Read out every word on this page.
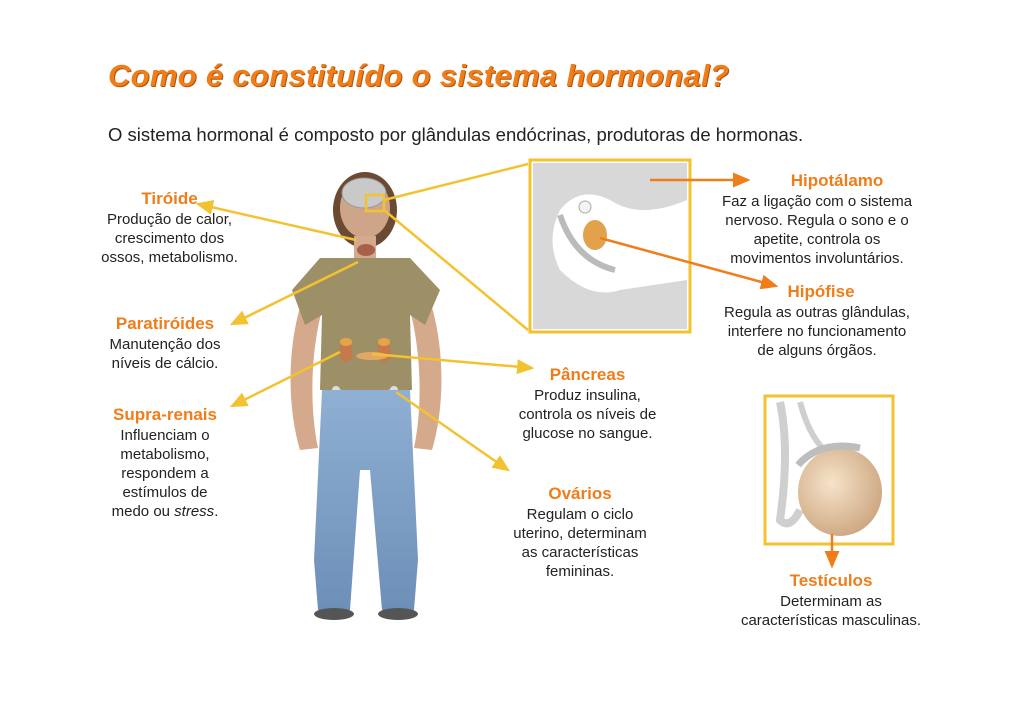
Como é constituído o sistema hormonal?
O sistema hormonal é composto por glândulas endócrinas, produtoras de hormonas.
Tiróide
Produção de calor,
crescimento dos
ossos, metabolismo.
Paratiróides
Manutenção dos
níveis de cálcio.
Supra-renais
Influenciam o
metabolismo,
respondem a
estímulos de
medo ou stress.
Hipotálamo
Faz a ligação com o sistema
nervoso. Regula o sono e o
apetite, controla os
movimentos involuntários.
Hipófise
Regula as outras glândulas,
interfere no funcionamento
de alguns órgãos.
Pâncreas
Produz insulina,
controla os níveis de
glucose no sangue.
Ovários
Regulam o ciclo
uterino, determinam
as características
femininas.	Testículos
Determinam as
características masculinas.
